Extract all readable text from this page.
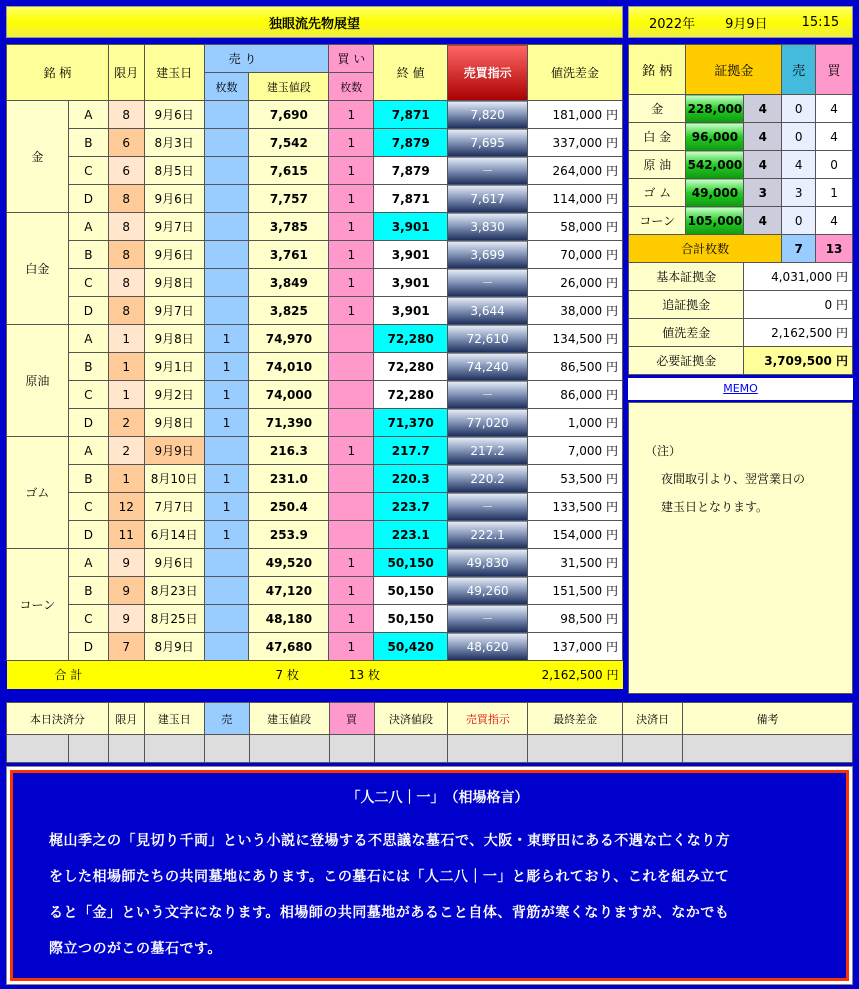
独眼流先物展望	2022年 9月9日	15:15
銘 柄		限月	建玉日	売 り		買 い	終 値	売買指示	値洗差金
				枚数	建玉値段	枚数			
金	A	8	9月6日		7,690	1	7,871	7,820	181,000 円
	B	6	8月3日		7,542	1	7,879	7,695	337,000 円
	C	6	8月5日		7,615	1	7,879	－	264,000 円
	D	8	9月6日		7,757	1	7,871	7,617	114,000 円
白金	A	8	9月7日		3,785	1	3,901	3,830	58,000 円
	B	8	9月6日		3,761	1	3,901	3,699	70,000 円
	C	8	9月8日		3,849	1	3,901	－	26,000 円
	D	8	9月7日		3,825	1	3,901	3,644	38,000 円
原油	A	1	9月8日	1	74,970		72,280	72,610	134,500 円
	B	1	9月1日	1	74,010		72,280	74,240	86,500 円
	C	1	9月2日	1	74,000		72,280	－	86,000 円
	D	2	9月8日	1	71,390		71,370	77,020	1,000 円
ゴム	A	2	9月9日		216.3	1	217.7	217.2	7,000 円
	B	1	8月10日	1	231.0		220.3	220.2	53,500 円
	C	12	7月7日	1	250.4		223.7	－	133,500 円
	D	11	6月14日	1	253.9		223.1	222.1	154,000 円
コーン	A	9	9月6日		49,520	1	50,150	49,830	31,500 円
	B	9	8月23日		47,120	1	50,150	49,260	151,500 円
	C	9	8月25日		48,180	1	50,150	－	98,500 円
	D	7	8月9日		47,680	1	50,420	48,620	137,000 円
合 計				7 枚		13 枚		2,162,500 円	
銘 柄	証拠金		売	買
金	228,000	4	0	4
白 金	96,000	4	0	4
原 油	542,000	4	4	0
ゴ ム	49,000	3	3	1
コーン	105,000	4	0	4
合計枚数			7	13
基本証拠金		4,031,000 円		
追証拠金		0 円		
値洗差金		2,162,500 円		
必要証拠金		3,709,500 円		
MEMO
（注）
夜間取引より、翌営業日の
建玉日となります。
本日決済分		限月	建玉日	売	建玉値段	買	決済値段	売買指示	最終差金	決済日	備考

「人二八｜一」　（相場格言）
梶山季之の「見切り千両」という小説に登場する不思議な墓石で、大阪・東野田にある不遇な亡くなり方
をした相場師たちの共同墓地にあります。この墓石には「人二八｜一」と彫られており、これを組み立て
ると「金」という文字になります。相場師の共同墓地があること自体、背筋が寒くなりますが、なかでも
際立つのがこの墓石です。
